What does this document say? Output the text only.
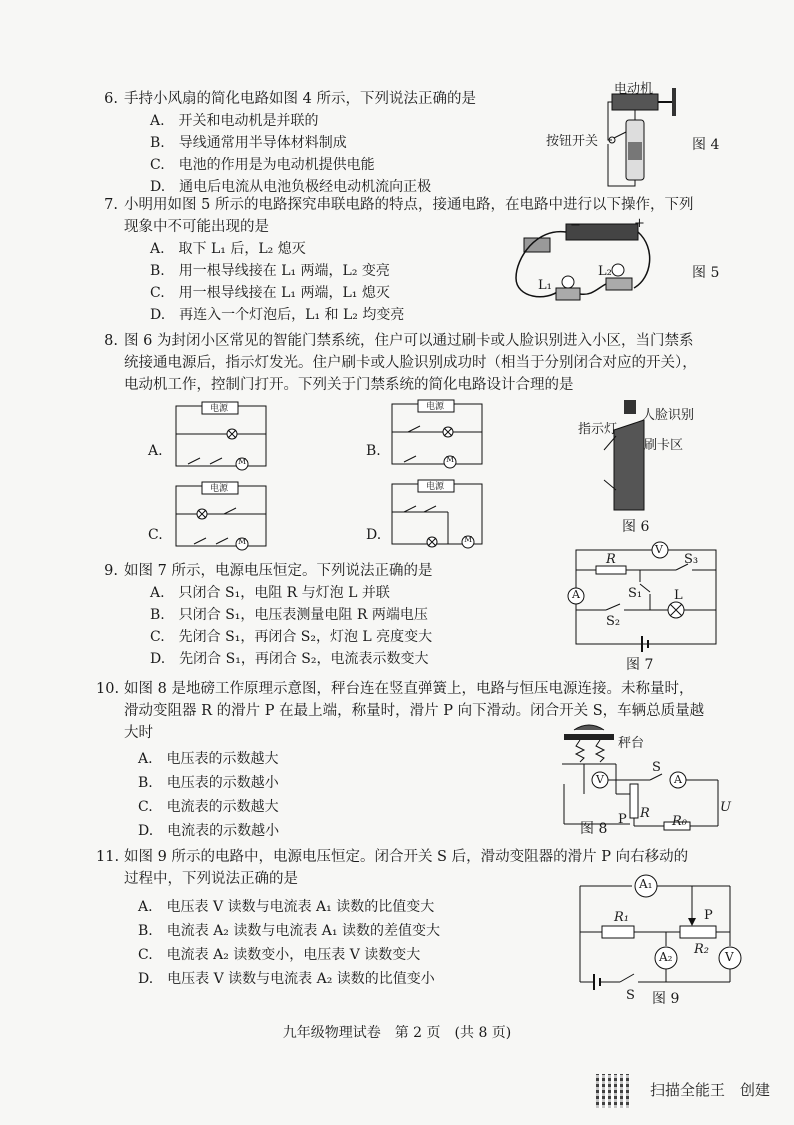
6. 手持小风扇的简化电路如图 4 所示，下列说法正确的是
A.　开关和电动机是并联的
B.　导线通常用半导体材料制成
C.　电池的作用是为电动机提供电能
D.　通电后电流从电池负极经电动机流向正极
电动机
按钮开关	图 4
7. 小明用如图 5 所示的电路探究串联电路的特点，接通电路，在电路中进行以下操作，下列
现象中不可能出现的是
A.　取下 L₁ 后，L₂ 熄灭
B.　用一根导线接在 L₁ 两端，L₂ 变亮
C.　用一根导线接在 L₁ 两端，L₁ 熄灭
D.　再连入一个灯泡后，L₁ 和 L₂ 均变亮
+
−
L₁
L₂	图 5
8. 图 6 为封闭小区常见的智能门禁系统，住户可以通过刷卡或人脸识别进入小区，当门禁系
统接通电源后，指示灯发光。住户刷卡或人脸识别成功时（相当于分别闭合对应的开关），
电动机工作，控制门打开。下列关于门禁系统的简化电路设计合理的是
A.
电源
M
B.
电源
M
C.
电源
M	D.
电源
M
人脸识别
指示灯
刷卡区
图 6
9. 如图 7 所示，电源电压恒定。下列说法正确的是
A.　只闭合 S₁，电阻 R 与灯泡 L 并联
B.　只闭合 S₁，电压表测量电阻 R 两端电压
C.　先闭合 S₁，再闭合 S₂，灯泡 L 亮度变大
D.　先闭合 S₁，再闭合 S₂，电流表示数变大
V
A
R	S₃
S₁ L
S₂
图 7
10. 如图 8 是地磅工作原理示意图，秤台连在竖直弹簧上，电路与恒压电源连接。未称量时，
滑动变阻器 R 的滑片 P 在最上端，称量时，滑片 P 向下滑动。闭合开关 S，车辆总质量越
大时
A.　电压表的示数越大
B.　电压表的示数越小
C.　电流表的示数越大
D.　电流表的示数越小
秤台
V
S
A
R	U
P	R₀
图 8
11. 如图 9 所示的电路中，电源电压恒定。闭合开关 S 后，滑动变阻器的滑片 P 向右移动的
过程中，下列说法正确的是
A.　电压表 V 读数与电流表 A₁ 读数的比值变大
B.　电流表 A₂ 读数与电流表 A₁ 读数的差值变大
C.　电流表 A₂ 读数变小，电压表 V 读数变大
D.　电压表 V 读数与电流表 A₂ 读数的比值变小
A₁
R₁	P
R₂
A₂	V
S 图 9
九年级物理试卷　第 2 页　(共 8 页)
扫描全能王　创建
